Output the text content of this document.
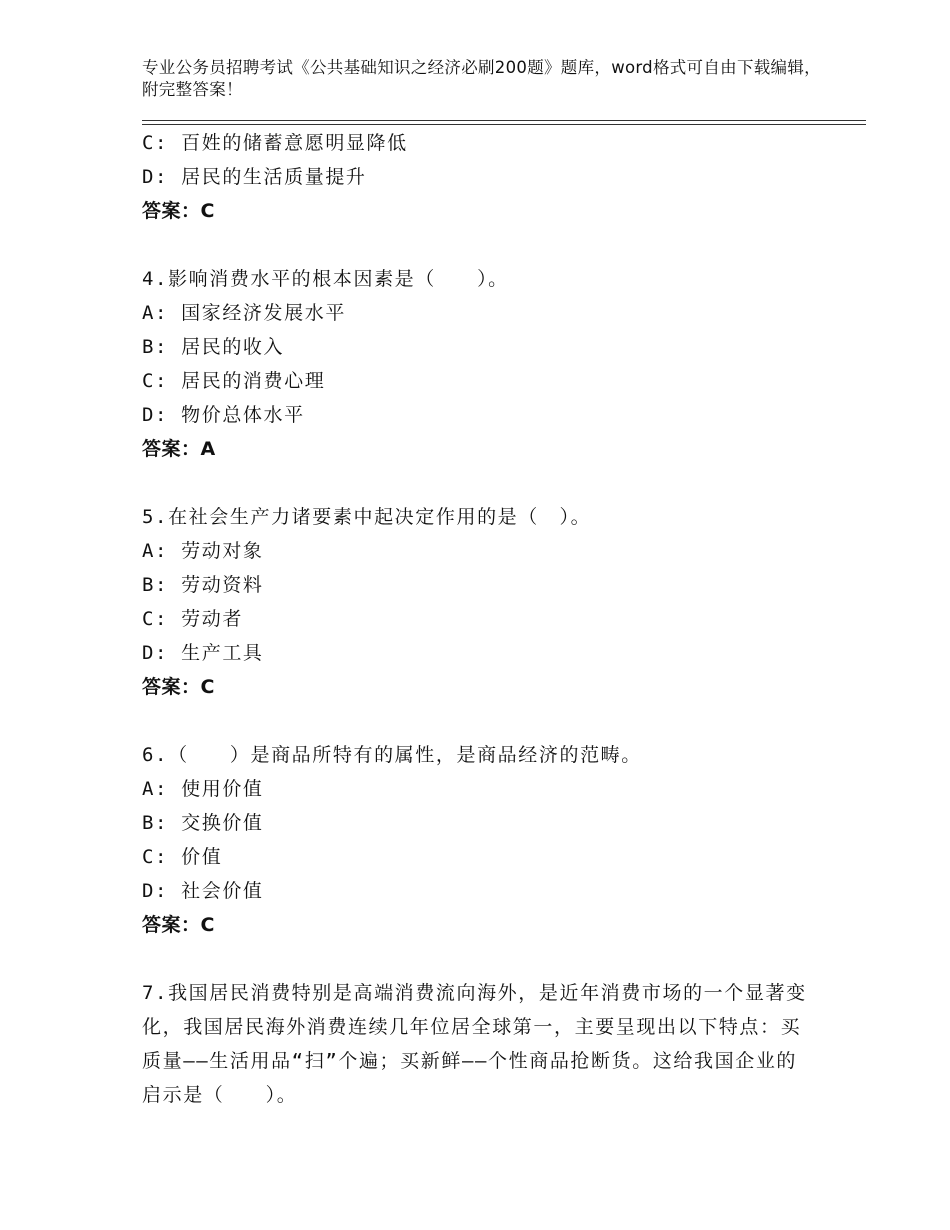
专业公务员招聘考试《公共基础知识之经济必刷200题》题库，word格式可自由下载编辑，附完整答案！
C: 百姓的储蓄意愿明显降低
D: 居民的生活质量提升
答案：C
4.影响消费水平的根本因素是（　　）。
A: 国家经济发展水平
B: 居民的收入
C: 居民的消费心理
D: 物价总体水平
答案：A
5.在社会生产力诸要素中起决定作用的是（　）。
A: 劳动对象
B: 劳动资料
C: 劳动者
D: 生产工具
答案：C
6.（　　）是商品所特有的属性，是商品经济的范畴。
A: 使用价值
B: 交换价值
C: 价值
D: 社会价值
答案：C
7.我国居民消费特别是高端消费流向海外，是近年消费市场的一个显著变化，我国居民海外消费连续几年位居全球第一，主要呈现出以下特点：买质量——生活用品“扫”个遍；买新鲜——个性商品抢断货。这给我国企业的启示是（　　）。
